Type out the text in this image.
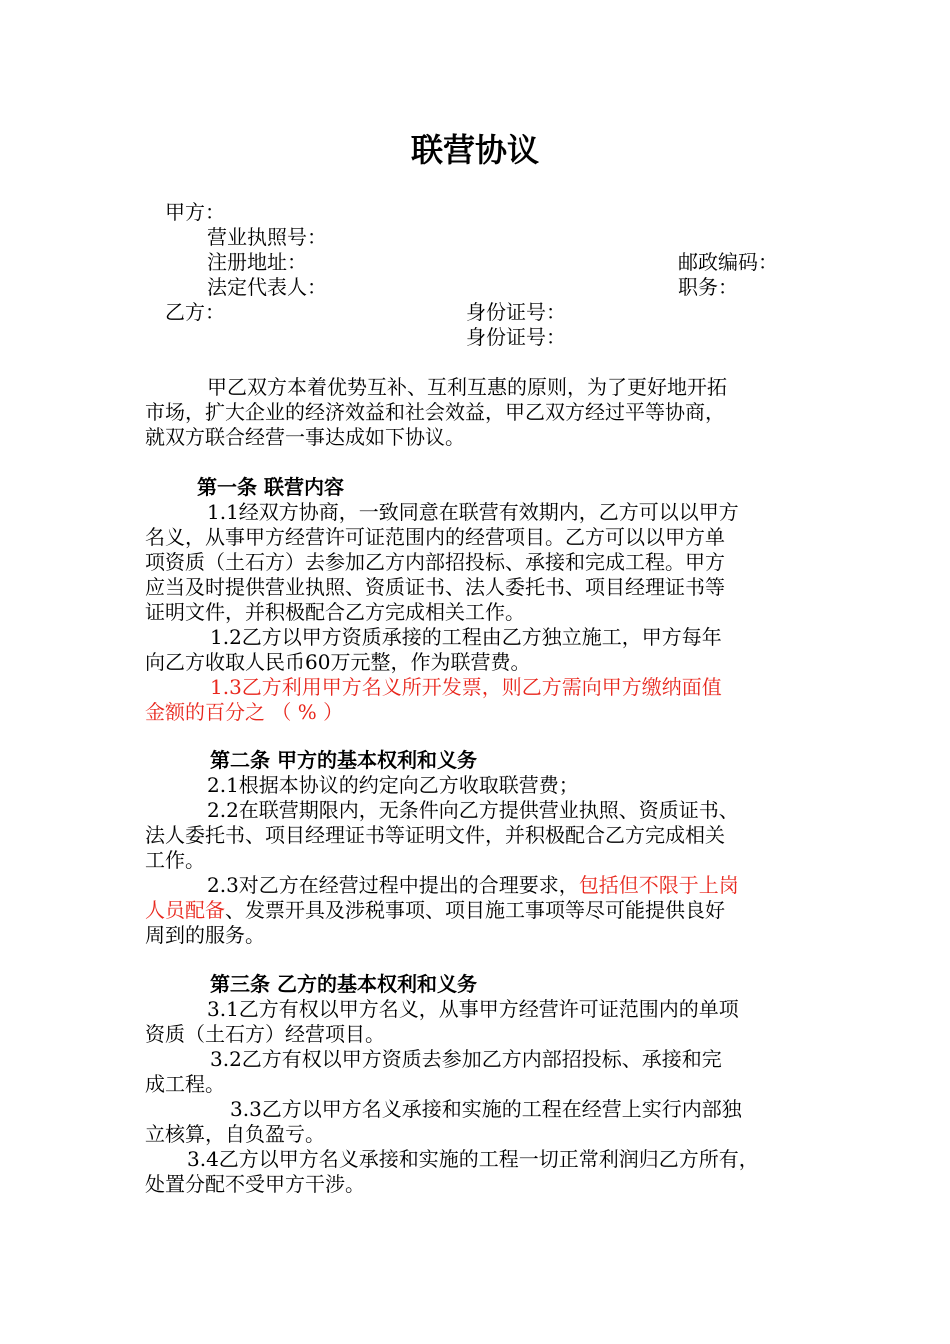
联营协议
甲方：
营业执照号：
注册地址：	邮政编码：
法定代表人：	职务：
乙方：	身份证号：
身份证号：
甲乙双方本着优势互补、互利互惠的原则，为了更好地开拓
市场，扩大企业的经济效益和社会效益，甲乙双方经过平等协商，
就双方联合经营一事达成如下协议。
第一条 联营内容
1.1经双方协商，一致同意在联营有效期内，乙方可以以甲方
名义，从事甲方经营许可证范围内的经营项目。乙方可以以甲方单
项资质（土石方）去参加乙方内部招投标、承接和完成工程。甲方
应当及时提供营业执照、资质证书、法人委托书、项目经理证书等
证明文件，并积极配合乙方完成相关工作。
1.2乙方以甲方资质承接的工程由乙方独立施工，甲方每年
向乙方收取人民币60万元整，作为联营费。
1.3乙方利用甲方名义所开发票，则乙方需向甲方缴纳面值
金额的百分之 （ % ）
第二条 甲方的基本权利和义务
2.1根据本协议的约定向乙方收取联营费；
2.2在联营期限内，无条件向乙方提供营业执照、资质证书、
法人委托书、项目经理证书等证明文件，并积极配合乙方完成相关
工作。
2.3对乙方在经营过程中提出的合理要求，包括但不限于上岗
人员配备、发票开具及涉税事项、项目施工事项等尽可能提供良好
周到的服务。
第三条 乙方的基本权利和义务
3.1乙方有权以甲方名义，从事甲方经营许可证范围内的单项
资质（土石方）经营项目。
3.2乙方有权以甲方资质去参加乙方内部招投标、承接和完
成工程。
3.3乙方以甲方名义承接和实施的工程在经营上实行内部独
立核算，自负盈亏。
3.4乙方以甲方名义承接和实施的工程一切正常利润归乙方所有，
处置分配不受甲方干涉。
